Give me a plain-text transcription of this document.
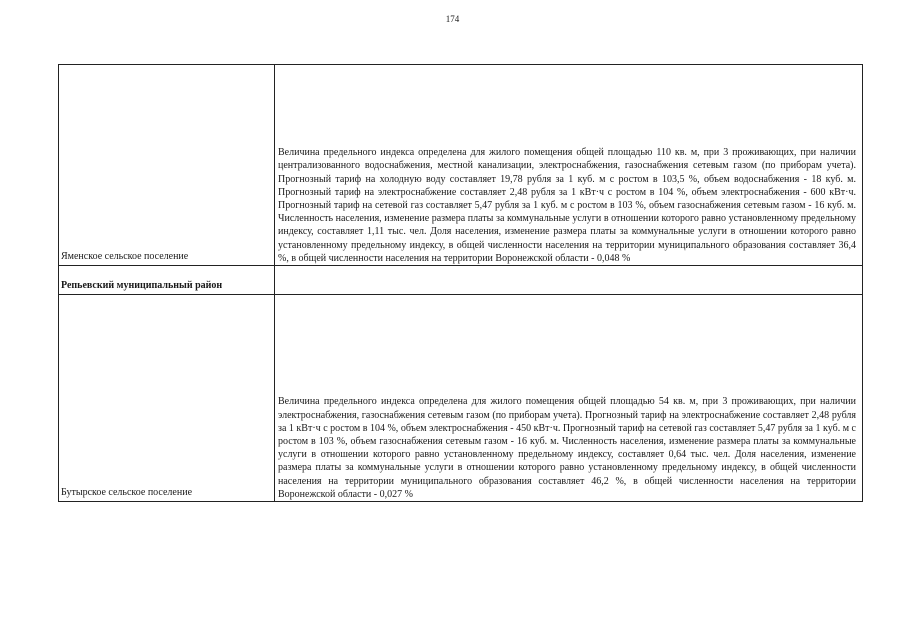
174
Яменское сельское поселение	Величина предельного индекса определена для жилого помещения общей площадью 110 кв. м, при 3 проживающих, при наличии централизованного водоснабжения, местной канализации, электроснабжения, газоснабжения сетевым газом (по приборам учета). Прогнозный тариф на холодную воду составляет 19,78 рубля за 1 куб. м с ростом в 103,5 %, объем водоснабжения - 18 куб. м. Прогнозный тариф на электроснабжение составляет 2,48 рубля за 1 кВт·ч с ростом в 104 %, объем электроснабжения - 600 кВт·ч. Прогнозный тариф на сетевой газ составляет 5,47 рубля за 1 куб. м с ростом в 103 %, объем газоснабжения сетевым газом - 16 куб. м. Численность населения, изменение размера платы за коммунальные услуги в отношении которого равно установленному предельному индексу, составляет 1,11 тыс. чел. Доля населения, изменение размера платы за коммунальные услуги в отношении которого равно установленному предельному индексу, в общей численности населения на территории муниципального образования составляет 36,4 %, в общей численности населения на территории Воронежской области - 0,048 %
Репьевский муниципальный район	
Бутырское сельское поселение	Величина предельного индекса определена для жилого помещения общей площадью 54 кв. м, при 3 проживающих, при наличии электроснабжения, газоснабжения сетевым газом (по приборам учета). Прогнозный тариф на электроснабжение составляет 2,48 рубля за 1 кВт·ч с ростом в 104 %, объем электроснабжения - 450 кВт·ч. Прогнозный тариф на сетевой газ составляет 5,47 рубля за 1 куб. м с ростом в 103 %, объем газоснабжения сетевым газом - 16 куб. м. Численность населения, изменение размера платы за коммунальные услуги в отношении которого равно установленному предельному индексу, составляет 0,64 тыс. чел. Доля населения, изменение размера платы за коммунальные услуги в отношении которого равно установленному предельному индексу, в общей численности населения на территории муниципального образования составляет 46,2 %, в общей численности населения на территории Воронежской области - 0,027 %
